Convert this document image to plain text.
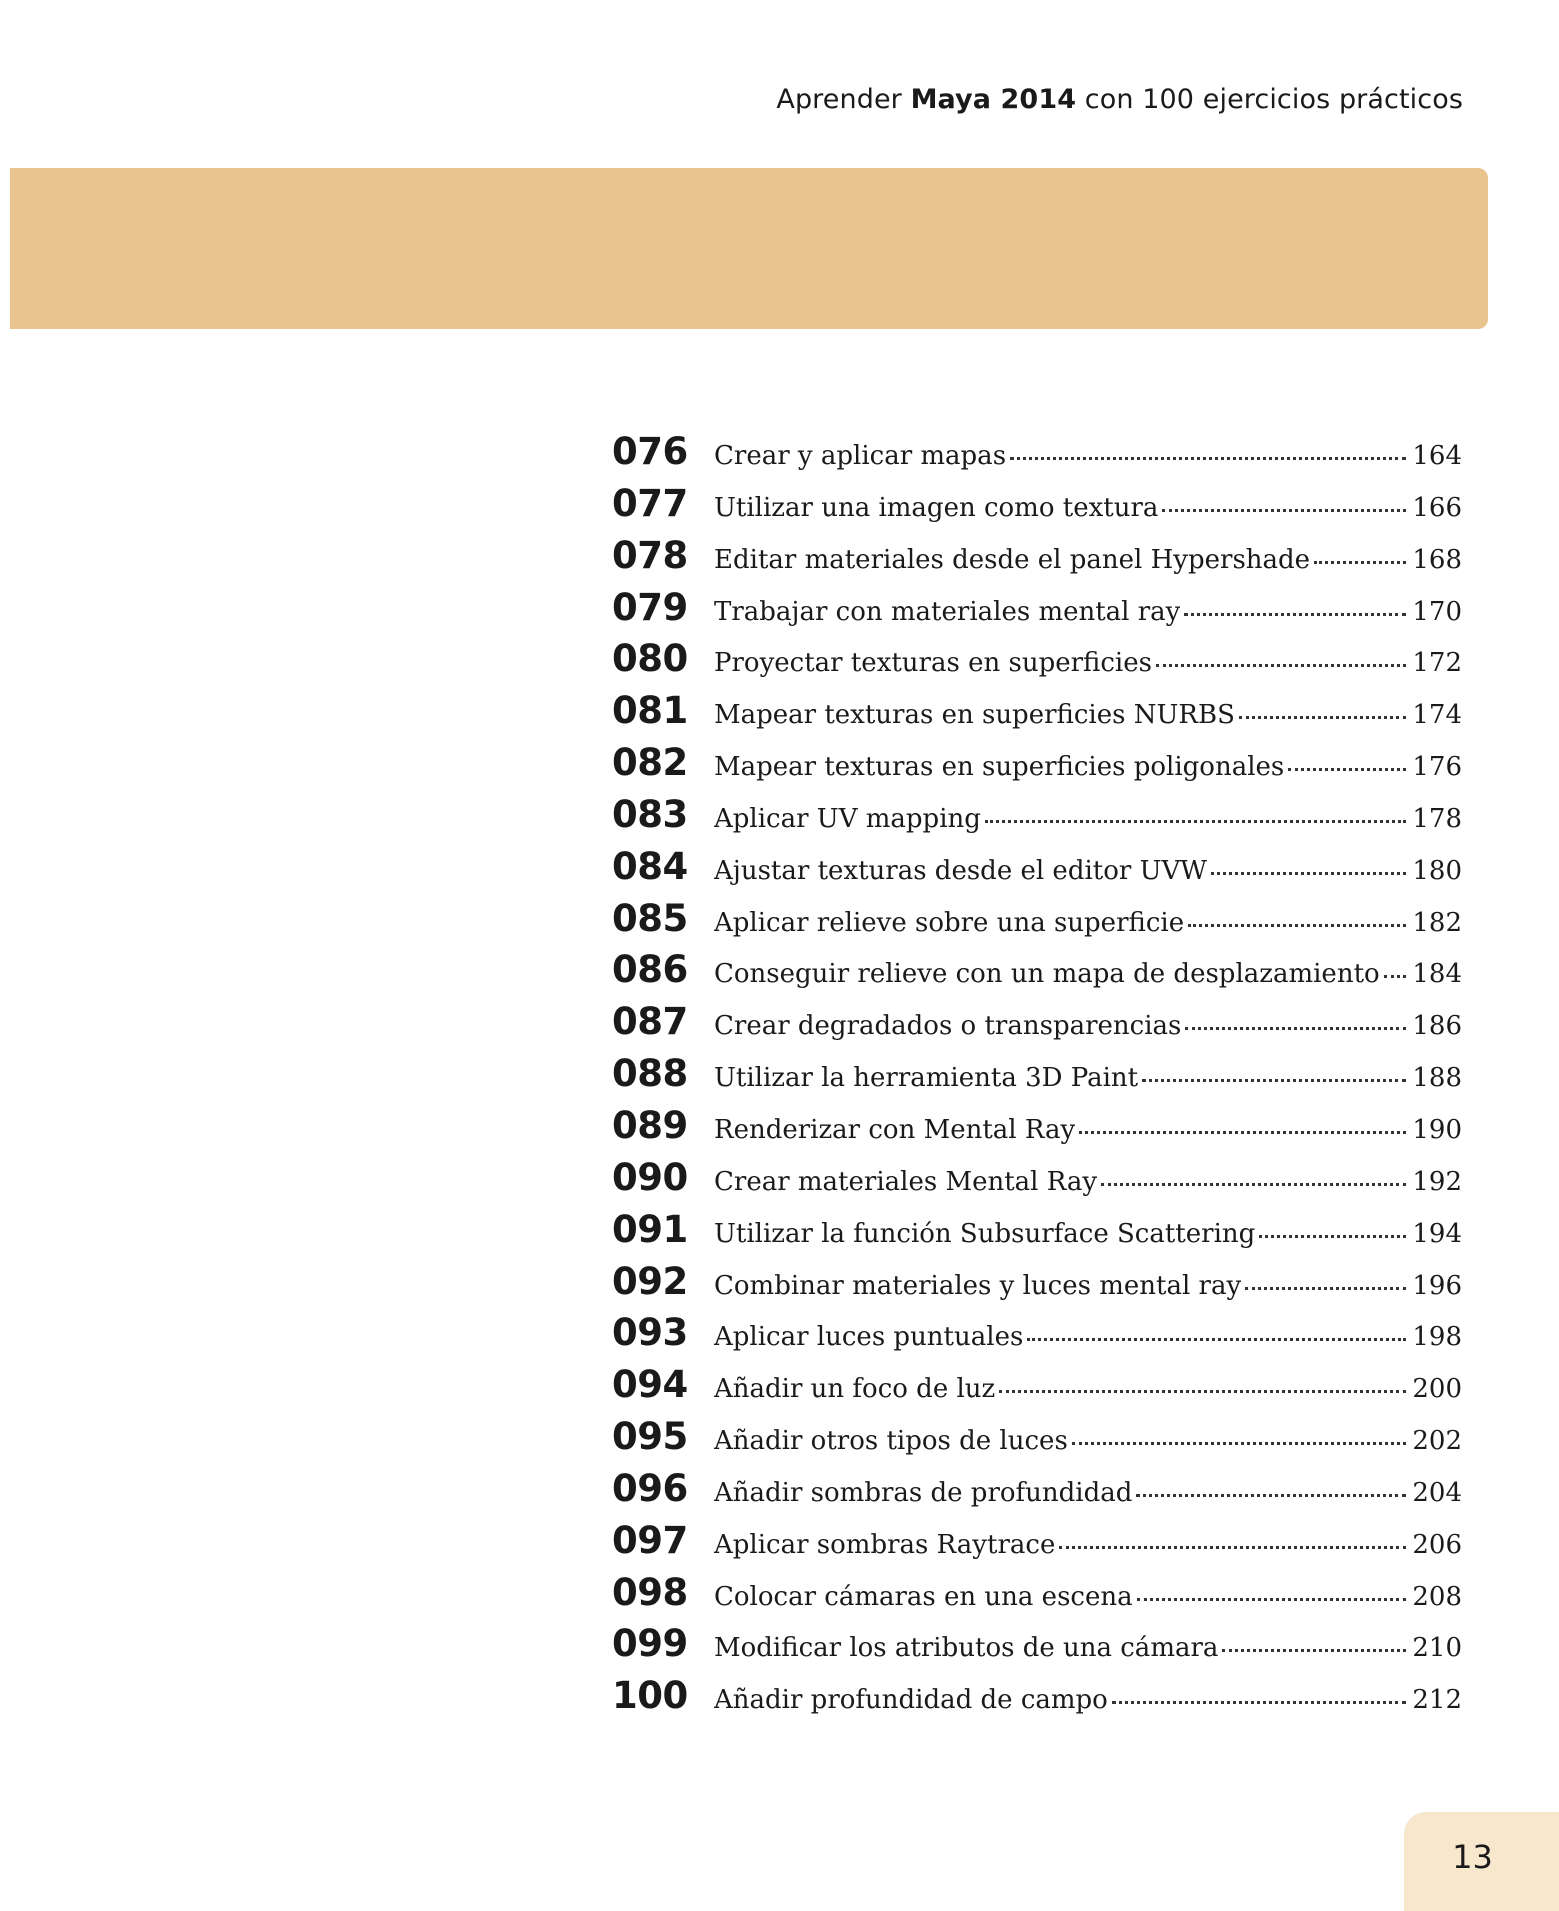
Aprender Maya 2014 con 100 ejercicios prácticos
076	Crear y aplicar mapas	164
077	Utilizar una imagen como textura	166
078	Editar materiales desde el panel Hypershade	168
079	Trabajar con materiales mental ray	170
080	Proyectar texturas en superficies	172
081	Mapear texturas en superficies NURBS	174
082	Mapear texturas en superficies poligonales	176
083	Aplicar UV mapping	178
084	Ajustar texturas desde el editor UVW	180
085	Aplicar relieve sobre una superficie	182
086	Conseguir relieve con un mapa de desplazamiento 184
087	Crear degradados o transparencias	186
088	Utilizar la herramienta 3D Paint	188
089	Renderizar con Mental Ray	190
090	Crear materiales Mental Ray	192
091	Utilizar la función Subsurface Scattering	194
092	Combinar materiales y luces mental ray	196
093	Aplicar luces puntuales	198
094	Añadir un foco de luz	200
095	Añadir otros tipos de luces	202
096	Añadir sombras de profundidad	204
097	Aplicar sombras Raytrace	206
098	Colocar cámaras en una escena	208
099	Modificar los atributos de una cámara	210
100	Añadir profundidad de campo	212
13
